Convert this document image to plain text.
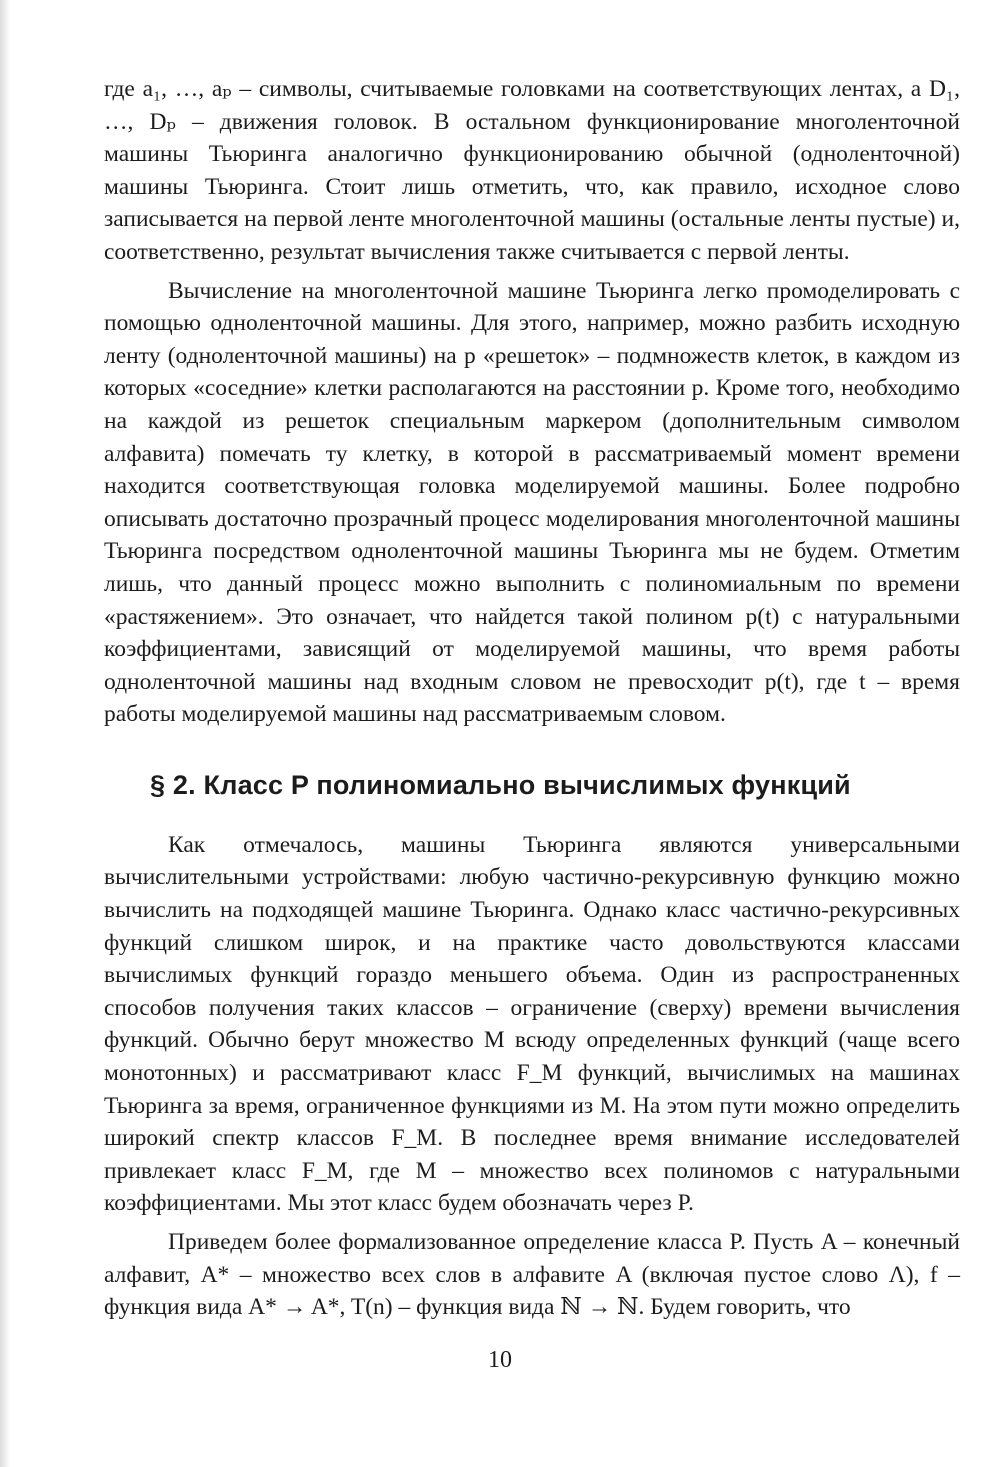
где a₁, …, aₚ – символы, считываемые головками на соответствующих лентах, а D₁, …, Dₚ – движения головок. В остальном функционирование многоленточной машины Тьюринга аналогично функционированию обычной (одноленточной) машины Тьюринга. Стоит лишь отметить, что, как правило, исходное слово записывается на первой ленте многоленточной машины (остальные ленты пустые) и, соответственно, результат вычисления также считывается с первой ленты.

Вычисление на многоленточной машине Тьюринга легко промоделировать с помощью одноленточной машины. Для этого, например, можно разбить исходную ленту (одноленточной машины) на p «решеток» – подмножеств клеток, в каждом из которых «соседние» клетки располагаются на расстоянии p. Кроме того, необходимо на каждой из решеток специальным маркером (дополнительным символом алфавита) помечать ту клетку, в которой в рассматриваемый момент времени находится соответствующая головка моделируемой машины. Более подробно описывать достаточно прозрачный процесс моделирования многоленточной машины Тьюринга посредством одноленточной машины Тьюринга мы не будем. Отметим лишь, что данный процесс можно выполнить с полиномиальным по времени «растяжением». Это означает, что найдется такой полином p(t) с натуральными коэффициентами, зависящий от моделируемой машины, что время работы одноленточной машины над входным словом не превосходит p(t), где t – время работы моделируемой машины над рассматриваемым словом.

§ 2. Класс P полиномиально вычислимых функций

Как отмечалось, машины Тьюринга являются универсальными вычислительными устройствами: любую частично-рекурсивную функцию можно вычислить на подходящей машине Тьюринга. Однако класс частично-рекурсивных функций слишком широк, и на практике часто довольствуются классами вычислимых функций гораздо меньшего объема. Один из распространенных способов получения таких классов – ограничение (сверху) времени вычисления функций. Обычно берут множество M всюду определенных функций (чаще всего монотонных) и рассматривают класс F_M функций, вычислимых на машинах Тьюринга за время, ограниченное функциями из M. На этом пути можно определить широкий спектр классов F_M. В последнее время внимание исследователей привлекает класс F_M, где M – множество всех полиномов с натуральными коэффициентами. Мы этот класс будем обозначать через P.

Приведем более формализованное определение класса P. Пусть A – конечный алфавит, A* – множество всех слов в алфавите A (включая пустое слово Λ), f – функция вида A* → A*, T(n) – функция вида ℕ → ℕ. Будем говорить, что

10
